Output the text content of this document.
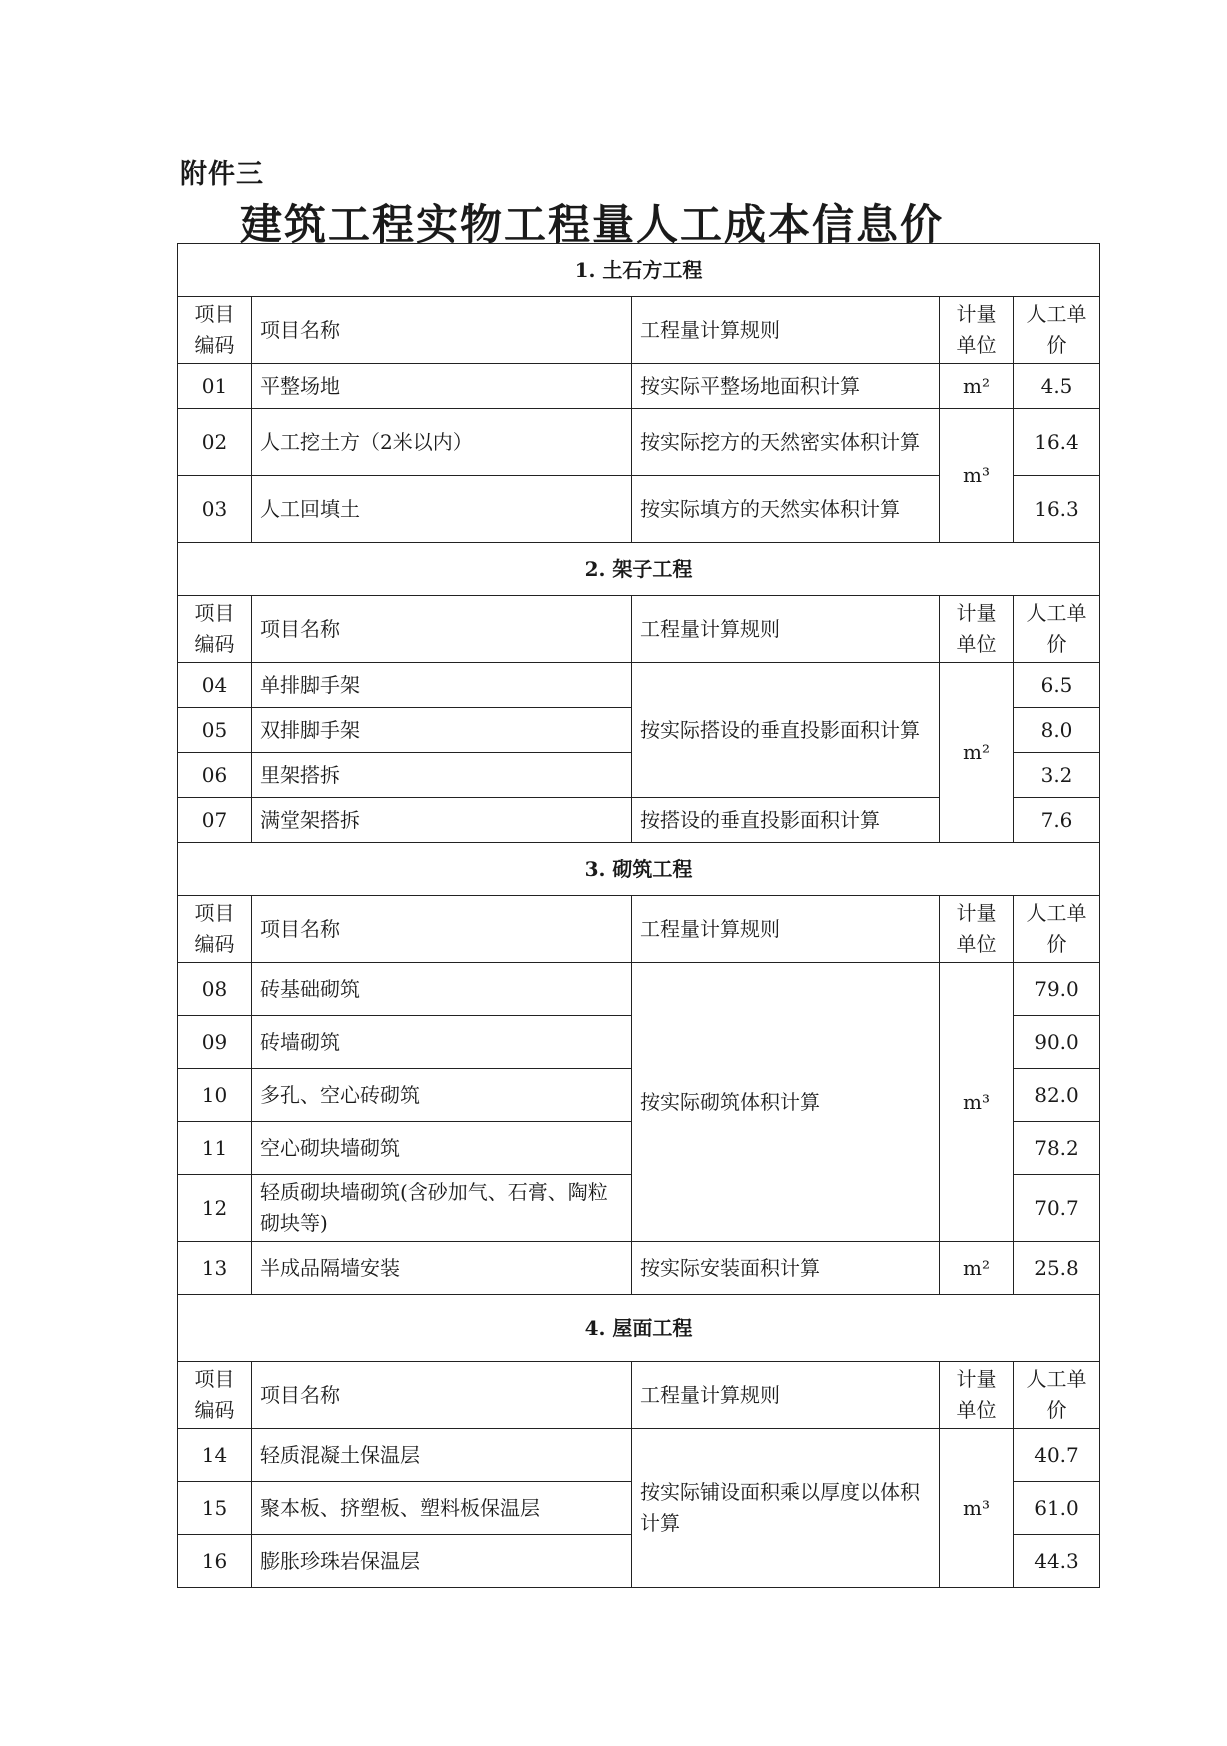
附件三
建筑工程实物工程量人工成本信息价
1. 土石方工程				
项目编码	项目名称	工程量计算规则	计量单位	人工单价
01	平整场地	按实际平整场地面积计算	m²	4.5
02	人工挖土方（2米以内）	按实际挖方的天然密实体积计算	m³	16.4
03	人工回填土	按实际填方的天然实体积计算		16.3
2. 架子工程				
项目编码	项目名称	工程量计算规则	计量单位	人工单价
04	单排脚手架	按实际搭设的垂直投影面积计算	m²	6.5
05	双排脚手架			8.0
06	里架搭拆			3.2
07	满堂架搭拆	按搭设的垂直投影面积计算		7.6
3. 砌筑工程				
项目编码	项目名称	工程量计算规则	计量单位	人工单价
08	砖基础砌筑	按实际砌筑体积计算	m³	79.0
09	砖墙砌筑			90.0
10	多孔、空心砖砌筑			82.0
11	空心砌块墙砌筑			78.2
12	轻质砌块墙砌筑(含砂加气、石膏、陶粒砌块等)			70.7
13	半成品隔墙安装	按实际安装面积计算	m²	25.8
4. 屋面工程				
项目编码	项目名称	工程量计算规则	计量单位	人工单价
14	轻质混凝土保温层	按实际铺设面积乘以厚度以体积计算	m³	40.7
15	聚本板、挤塑板、塑料板保温层			61.0
16	膨胀珍珠岩保温层			44.3
